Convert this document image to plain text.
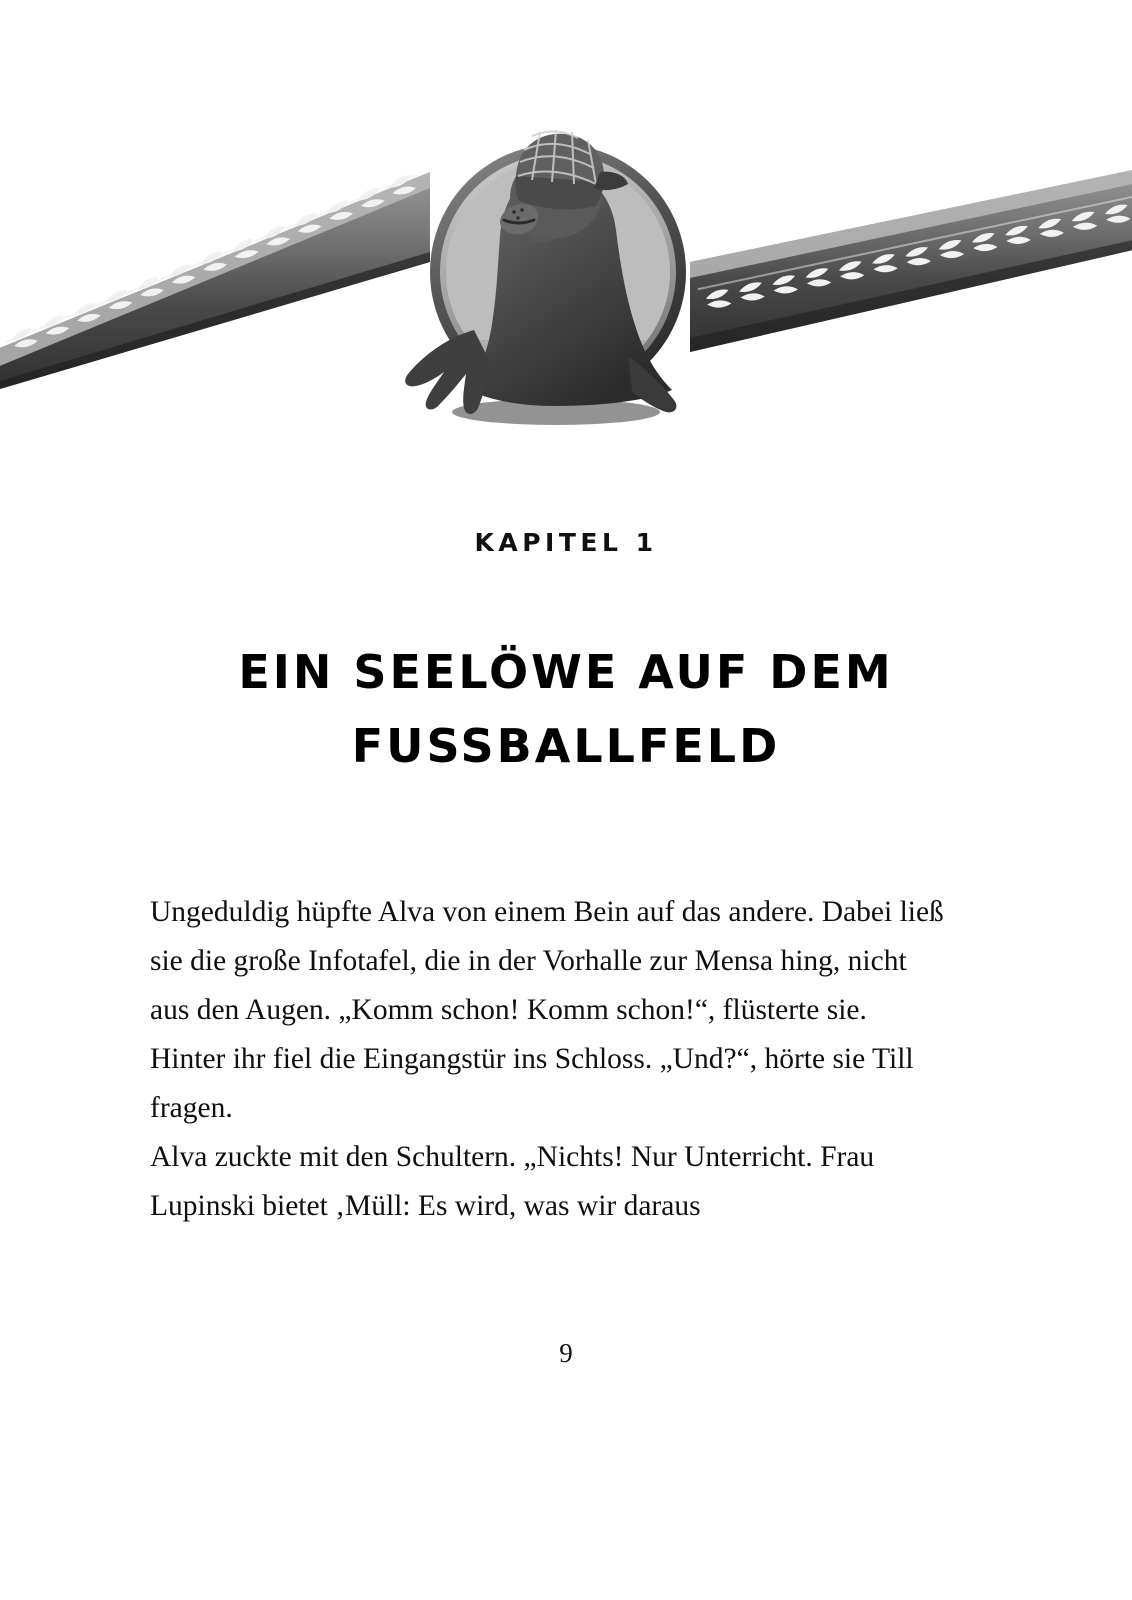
KAPITEL 1
EIN SEELÖWE AUF DEM
FUSSBALLFELD

Ungeduldig hüpfte Alva von einem Bein auf das andere. Dabei ließ sie die große Infotafel, die in der Vorhalle zur Mensa hing, nicht aus den Augen. „Komm schon! Komm schon!“, flüsterte sie.

Hinter ihr fiel die Eingangstür ins Schloss. „Und?“, hörte sie Till fragen.

Alva zuckte mit den Schultern. „Nichts! Nur Unterricht. Frau Lupinski bietet ‚Müll: Es wird, was wir daraus

9
